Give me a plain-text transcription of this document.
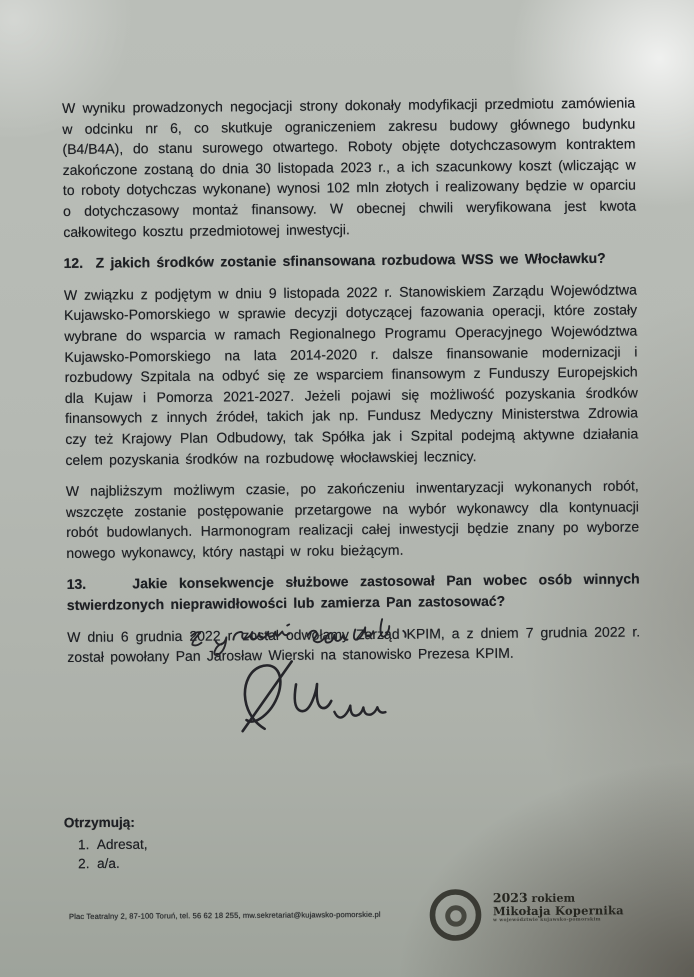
W wyniku prowadzonych negocjacji strony dokonały modyfikacji przedmiotu zamówienia w odcinku nr 6, co skutkuje ograniczeniem zakresu budowy głównego budynku (B4/B4A), do stanu surowego otwartego. Roboty objęte dotychczasowym kontraktem zakończone zostaną do dnia 30 listopada 2023 r., a ich szacunkowy koszt (wliczając w to roboty dotychczas wykonane) wynosi 102 mln złotych i realizowany będzie w oparciu o dotychczasowy montaż finansowy. W obecnej chwili weryfikowana jest kwota całkowitego kosztu przedmiotowej inwestycji.

12.  Z jakich środków zostanie sfinansowana rozbudowa WSS we Włocławku?

W związku z podjętym w dniu 9 listopada 2022 r. Stanowiskiem Zarządu Województwa Kujawsko-Pomorskiego w sprawie decyzji dotyczącej fazowania operacji, które zostały wybrane do wsparcia w ramach Regionalnego Programu Operacyjnego Województwa Kujawsko-Pomorskiego na lata 2014-2020 r. dalsze finansowanie modernizacji i rozbudowy Szpitala na odbyć się ze wsparciem finansowym z Funduszy Europejskich dla Kujaw i Pomorza 2021-2027. Jeżeli pojawi się możliwość pozyskania środków finansowych z innych źródeł, takich jak np. Fundusz Medyczny Ministerstwa Zdrowia czy też Krajowy Plan Odbudowy, tak Spółka jak i Szpital podejmą aktywne działania celem pozyskania środków na rozbudowę włocławskiej lecznicy.

W najbliższym możliwym czasie, po zakończeniu inwentaryzacji wykonanych robót, wszczęte zostanie postępowanie przetargowe na wybór wykonawcy dla kontynuacji robót budowlanych. Harmonogram realizacji całej inwestycji będzie znany po wyborze nowego wykonawcy, który nastąpi w roku bieżącym.

13.    Jakie konsekwencje służbowe zastosował Pan wobec osób winnych stwierdzonych nieprawidłowości lub zamierza Pan zastosować?

W dniu 6 grudnia 2022 r. został odwołamy Zarząd KPIM, a z dniem 7 grudnia 2022 r. został powołany Pan Jarosław Wierski na stanowisko Prezesa KPIM.

Otrzymują:
1.  Adresat,
2.  a/a.
Plac Teatralny 2, 87-100 Toruń, tel. 56 62 18 255, mw.sekretariat@kujawsko-pomorskie.pl
2023 rokiem
Mikołaja Kopernika
w województwie kujawsko-pomorskim
